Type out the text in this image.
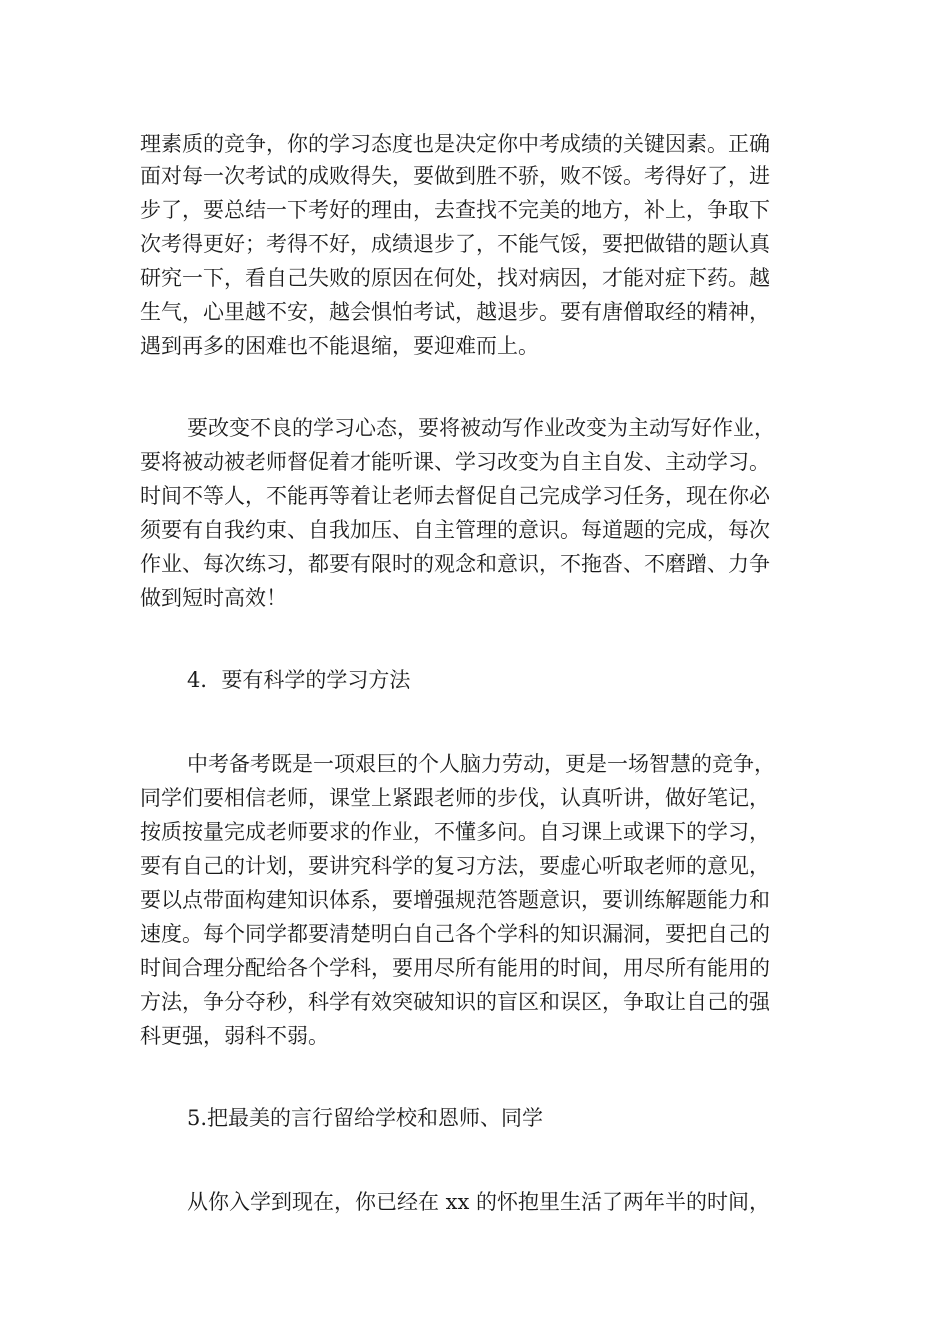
理素质的竞争，你的学习态度也是决定你中考成绩的关键因素。正确
面对每一次考试的成败得失，要做到胜不骄，败不馁。考得好了，进
步了，要总结一下考好的理由，去查找不完美的地方，补上，争取下
次考得更好；考得不好，成绩退步了，不能气馁，要把做错的题认真
研究一下，看自己失败的原因在何处，找对病因，才能对症下药。越
生气，心里越不安，越会惧怕考试，越退步。要有唐僧取经的精神，
遇到再多的困难也不能退缩，要迎难而上。
要改变不良的学习心态，要将被动写作业改变为主动写好作业，
要将被动被老师督促着才能听课、学习改变为自主自发、主动学习。
时间不等人，不能再等着让老师去督促自己完成学习任务，现在你必
须要有自我约束、自我加压、自主管理的意识。每道题的完成，每次
作业、每次练习，都要有限时的观念和意识，不拖沓、不磨蹭、力争
做到短时高效！
4．要有科学的学习方法
中考备考既是一项艰巨的个人脑力劳动，更是一场智慧的竞争，
同学们要相信老师，课堂上紧跟老师的步伐，认真听讲，做好笔记，
按质按量完成老师要求的作业，不懂多问。自习课上或课下的学习，
要有自己的计划，要讲究科学的复习方法，要虚心听取老师的意见，
要以点带面构建知识体系，要增强规范答题意识，要训练解题能力和
速度。每个同学都要清楚明白自己各个学科的知识漏洞，要把自己的
时间合理分配给各个学科，要用尽所有能用的时间，用尽所有能用的
方法，争分夺秒，科学有效突破知识的盲区和误区，争取让自己的强
科更强，弱科不弱。
5.把最美的言行留给学校和恩师、同学
从你入学到现在，你已经在 xx 的怀抱里生活了两年半的时间，
